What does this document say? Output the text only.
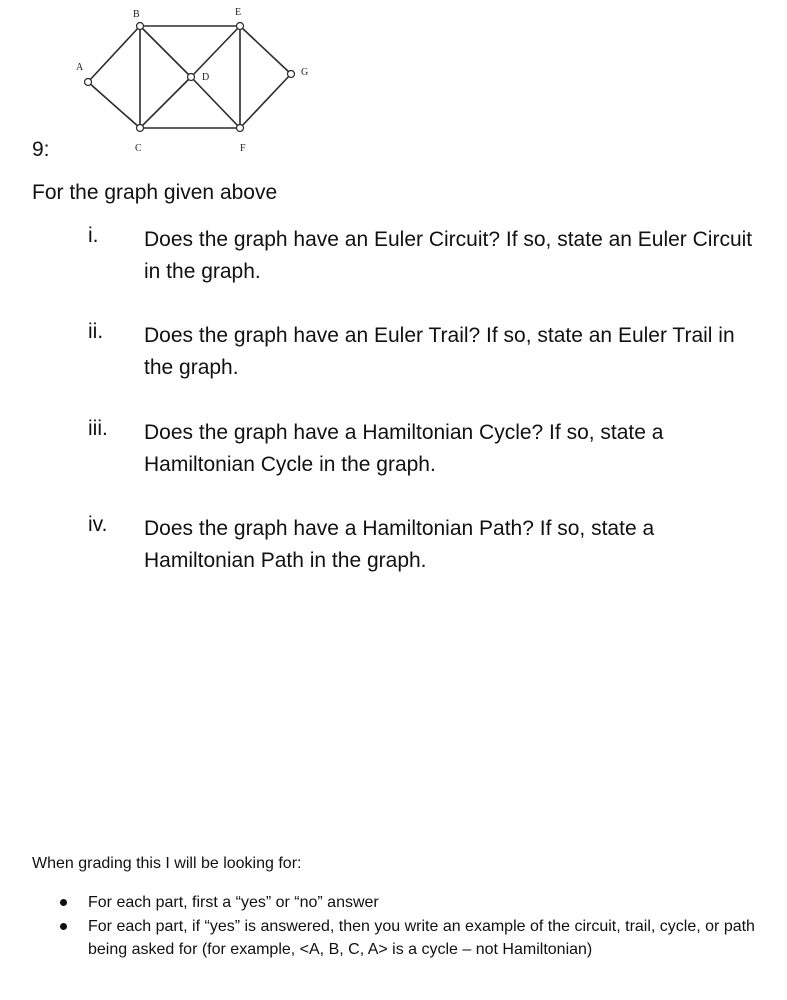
A
B
C
D
E
F
G
9:
For the graph given above
i. Does the graph have an Euler Circuit? If so, state an Euler Circuit in the graph.
ii. Does the graph have an Euler Trail? If so, state an Euler Trail in the graph.
iii. Does the graph have a Hamiltonian Cycle? If so, state a Hamiltonian Cycle in the graph.
iv. Does the graph have a Hamiltonian Path? If so, state a Hamiltonian Path in the graph.
When grading this I will be looking for:
For each part, first a “yes” or “no” answer
For each part, if “yes” is answered, then you write an example of the circuit, trail, cycle, or path being asked for (for example, <A, B, C, A> is a cycle – not Hamiltonian)
